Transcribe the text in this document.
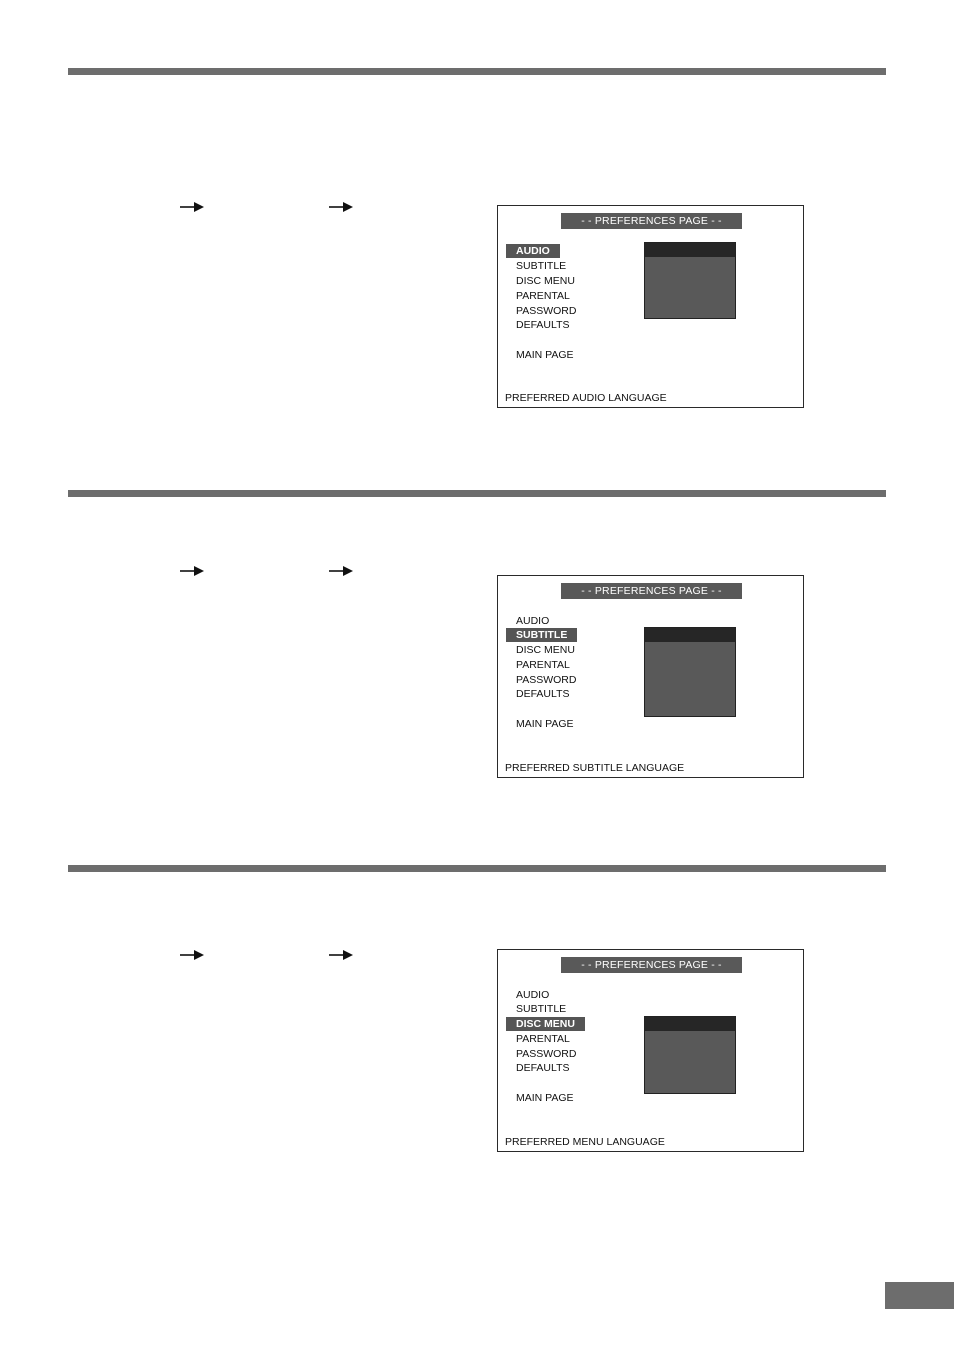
- - PREFERENCES PAGE - -
AUDIO
SUBTITLE
DISC MENU
PARENTAL
PASSWORD
DEFAULTS
MAIN PAGE
PREFERRED AUDIO LANGUAGE
- - PREFERENCES PAGE - -
AUDIO
SUBTITLE
DISC MENU
PARENTAL
PASSWORD
DEFAULTS
MAIN PAGE
PREFERRED SUBTITLE LANGUAGE
- - PREFERENCES PAGE - -
AUDIO
SUBTITLE
DISC MENU
PARENTAL
PASSWORD
DEFAULTS
MAIN PAGE
PREFERRED MENU LANGUAGE
